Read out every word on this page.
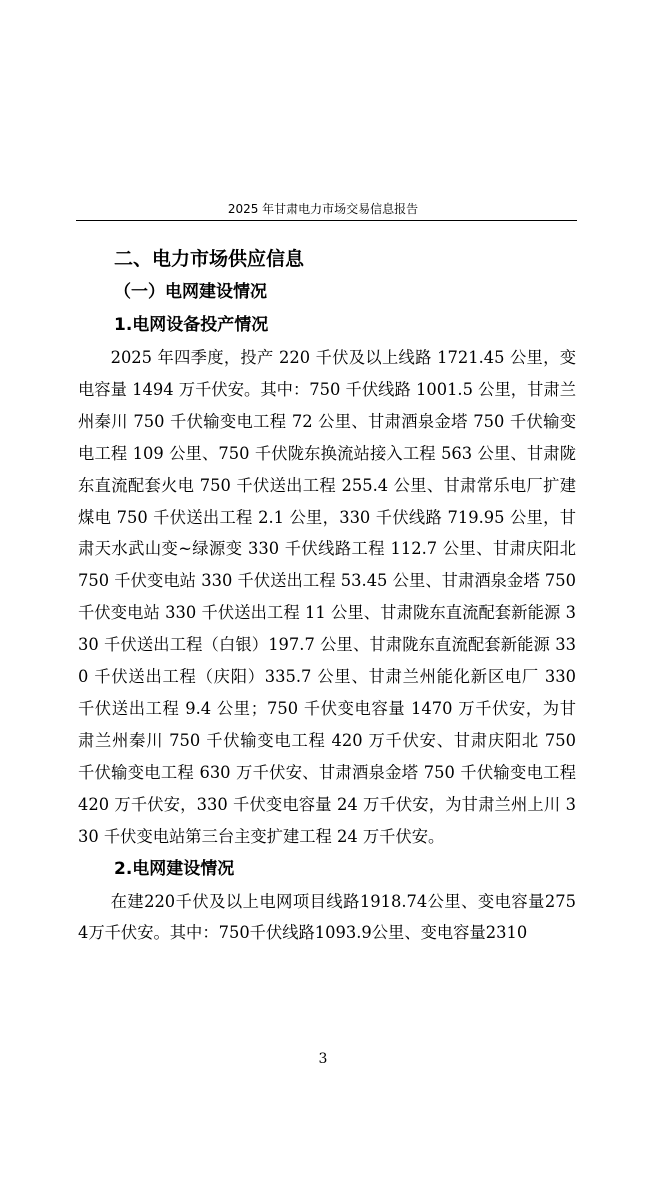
2025 年甘肃电力市场交易信息报告
二、电力市场供应信息
（一）电网建设情况
1.电网设备投产情况

2025 年四季度，投产 220 千伏及以上线路 1721.45 公里，变电容量 1494 万千伏安。其中：750 千伏线路 1001.5 公里，甘肃兰州秦川 750 千伏输变电工程 72 公里、甘肃酒泉金塔 750 千伏输变电工程 109 公里、750 千伏陇东换流站接入工程 563 公里、甘肃陇东直流配套火电 750 千伏送出工程 255.4 公里、甘肃常乐电厂扩建煤电 750 千伏送出工程 2.1 公里，330 千伏线路 719.95 公里，甘肃天水武山变~绿源变 330 千伏线路工程 112.7 公里、甘肃庆阳北 750 千伏变电站 330 千伏送出工程 53.45 公里、甘肃酒泉金塔 750 千伏变电站 330 千伏送出工程 11 公里、甘肃陇东直流配套新能源 330 千伏送出工程（白银）197.7 公里、甘肃陇东直流配套新能源 330 千伏送出工程（庆阳）335.7 公里、甘肃兰州能化新区电厂 330 千伏送出工程 9.4 公里；750 千伏变电容量 1470 万千伏安，为甘肃兰州秦川 750 千伏输变电工程 420 万千伏安、甘肃庆阳北 750 千伏输变电工程 630 万千伏安、甘肃酒泉金塔 750 千伏输变电工程 420 万千伏安，330 千伏变电容量 24 万千伏安，为甘肃兰州上川 330 千伏变电站第三台主变扩建工程 24 万千伏安。

2.电网建设情况

在建220千伏及以上电网项目线路1918.74公里、变电容量2754万千伏安。其中：750千伏线路1093.9公里、变电容量2310

3
